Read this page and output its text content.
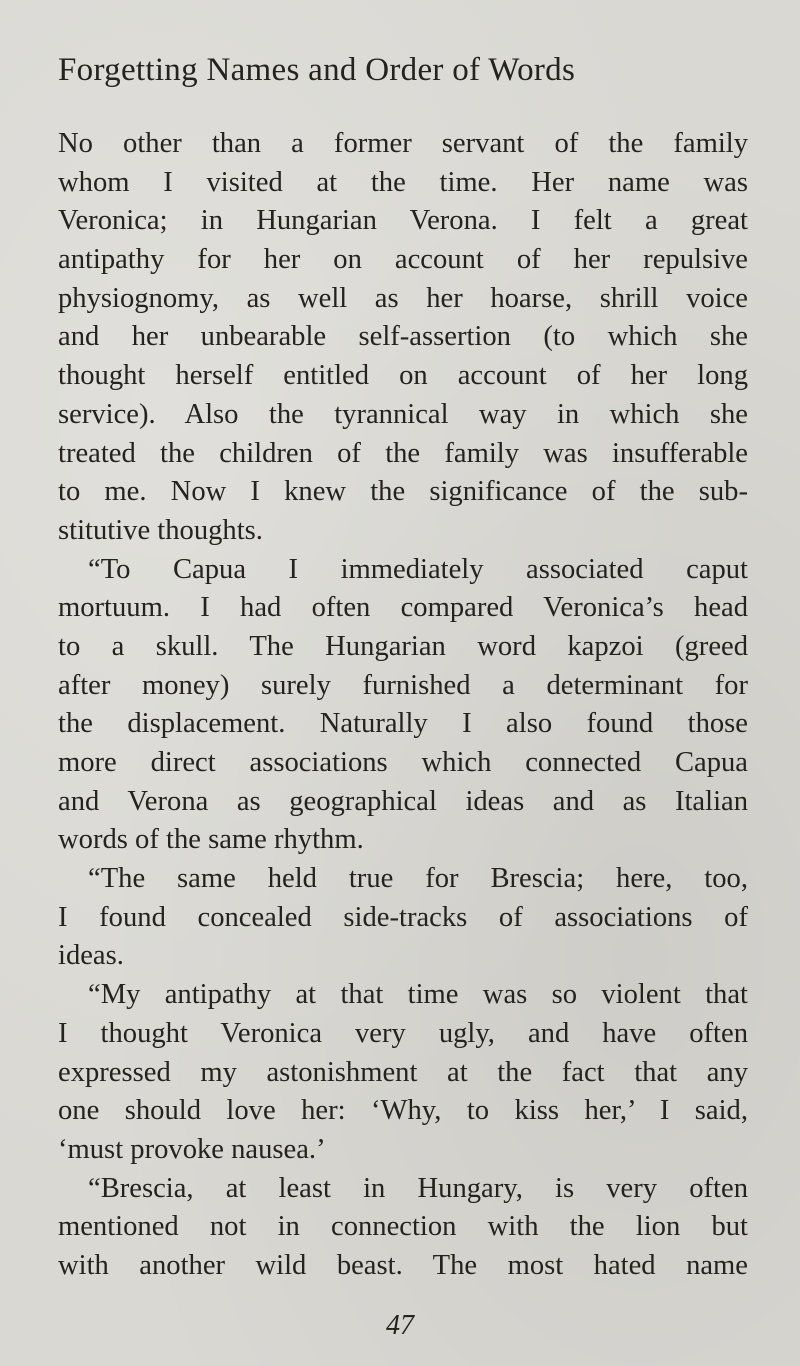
Forgetting Names and Order of Words

No other than a former servant of the family
whom I visited at the time. Her name was
Veronica; in Hungarian Verona. I felt a great
antipathy for her on account of her repulsive
physiognomy, as well as her hoarse, shrill voice
and her unbearable self-assertion (to which she
thought herself entitled on account of her long
service). Also the tyrannical way in which she
treated the children of the family was insufferable
to me. Now I knew the significance of the sub-
stitutive thoughts.

“To Capua I immediately associated caput
mortuum. I had often compared Veronica’s head
to a skull. The Hungarian word kapzoi (greed
after money) surely furnished a determinant for
the displacement. Naturally I also found those
more direct associations which connected Capua
and Verona as geographical ideas and as Italian
words of the same rhythm.

“The same held true for Brescia; here, too,
I found concealed side-tracks of associations of
ideas.

“My antipathy at that time was so violent that
I thought Veronica very ugly, and have often
expressed my astonishment at the fact that any
one should love her: ‘Why, to kiss her,’ I said,
‘must provoke nausea.’

“Brescia, at least in Hungary, is very often
mentioned not in connection with the lion but
with another wild beast. The most hated name

47
